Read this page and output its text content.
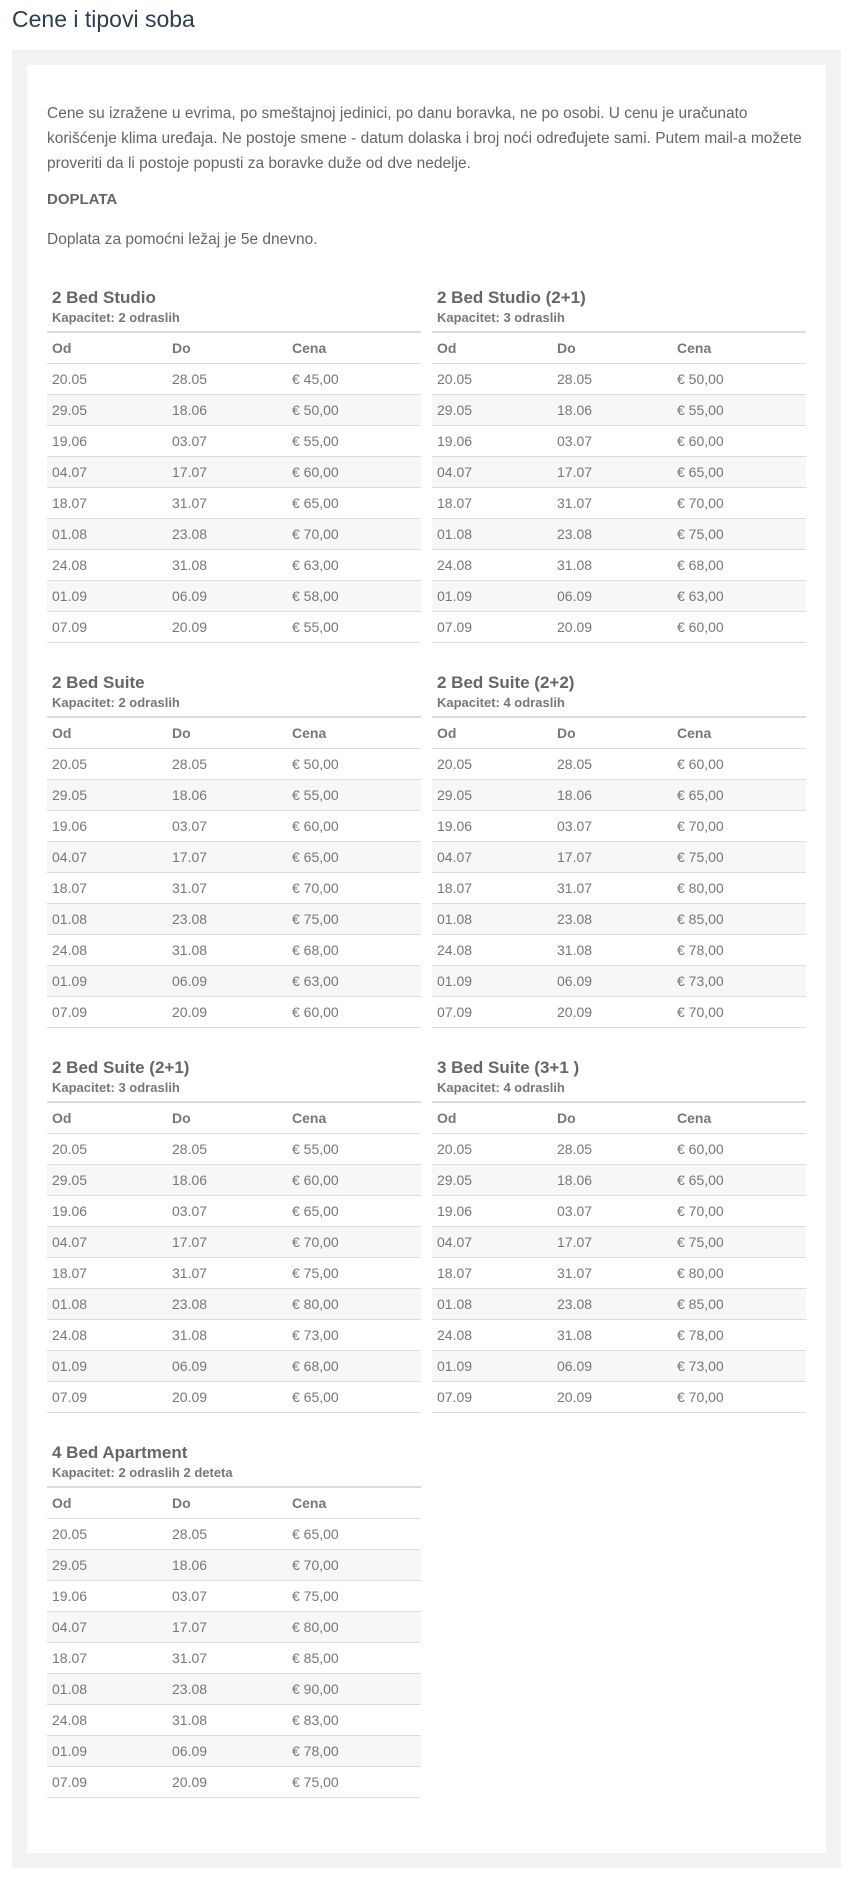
Cene i tipovi soba

Cene su izražene u evrima, po smeštajnoj jedinici, po danu boravka, ne po osobi. U cenu je uračunato korišćenje klima uređaja. Ne postoje smene - datum dolaska i broj noći određujete sami. Putem mail-a možete proveriti da li postoje popusti za boravke duže od dve nedelje.

DOPLATA

Doplata za pomoćni ležaj je 5e dnevno.

2 Bed Studio
Kapacitet: 2 odraslih
Od	Do	Cena
20.05	28.05	€ 45,00
29.05	18.06	€ 50,00
19.06	03.07	€ 55,00
04.07	17.07	€ 60,00
18.07	31.07	€ 65,00
01.08	23.08	€ 70,00
24.08	31.08	€ 63,00
01.09	06.09	€ 58,00
07.09	20.09	€ 55,00
2 Bed Studio (2+1)
Kapacitet: 3 odraslih
Od	Do	Cena
20.05	28.05	€ 50,00
29.05	18.06	€ 55,00
19.06	03.07	€ 60,00
04.07	17.07	€ 65,00
18.07	31.07	€ 70,00
01.08	23.08	€ 75,00
24.08	31.08	€ 68,00
01.09	06.09	€ 63,00
07.09	20.09	€ 60,00
2 Bed Suite
Kapacitet: 2 odraslih
Od	Do	Cena
20.05	28.05	€ 50,00
29.05	18.06	€ 55,00
19.06	03.07	€ 60,00
04.07	17.07	€ 65,00
18.07	31.07	€ 70,00
01.08	23.08	€ 75,00
24.08	31.08	€ 68,00
01.09	06.09	€ 63,00
07.09	20.09	€ 60,00
2 Bed Suite (2+2)
Kapacitet: 4 odraslih
Od	Do	Cena
20.05	28.05	€ 60,00
29.05	18.06	€ 65,00
19.06	03.07	€ 70,00
04.07	17.07	€ 75,00
18.07	31.07	€ 80,00
01.08	23.08	€ 85,00
24.08	31.08	€ 78,00
01.09	06.09	€ 73,00
07.09	20.09	€ 70,00
2 Bed Suite (2+1)
Kapacitet: 3 odraslih
Od	Do	Cena
20.05	28.05	€ 55,00
29.05	18.06	€ 60,00
19.06	03.07	€ 65,00
04.07	17.07	€ 70,00
18.07	31.07	€ 75,00
01.08	23.08	€ 80,00
24.08	31.08	€ 73,00
01.09	06.09	€ 68,00
07.09	20.09	€ 65,00
3 Bed Suite (3+1 )
Kapacitet: 4 odraslih
Od	Do	Cena
20.05	28.05	€ 60,00
29.05	18.06	€ 65,00
19.06	03.07	€ 70,00
04.07	17.07	€ 75,00
18.07	31.07	€ 80,00
01.08	23.08	€ 85,00
24.08	31.08	€ 78,00
01.09	06.09	€ 73,00
07.09	20.09	€ 70,00
4 Bed Apartment
Kapacitet: 2 odraslih 2 deteta
Od	Do	Cena
20.05	28.05	€ 65,00
29.05	18.06	€ 70,00
19.06	03.07	€ 75,00
04.07	17.07	€ 80,00
18.07	31.07	€ 85,00
01.08	23.08	€ 90,00
24.08	31.08	€ 83,00
01.09	06.09	€ 78,00
07.09	20.09	€ 75,00
